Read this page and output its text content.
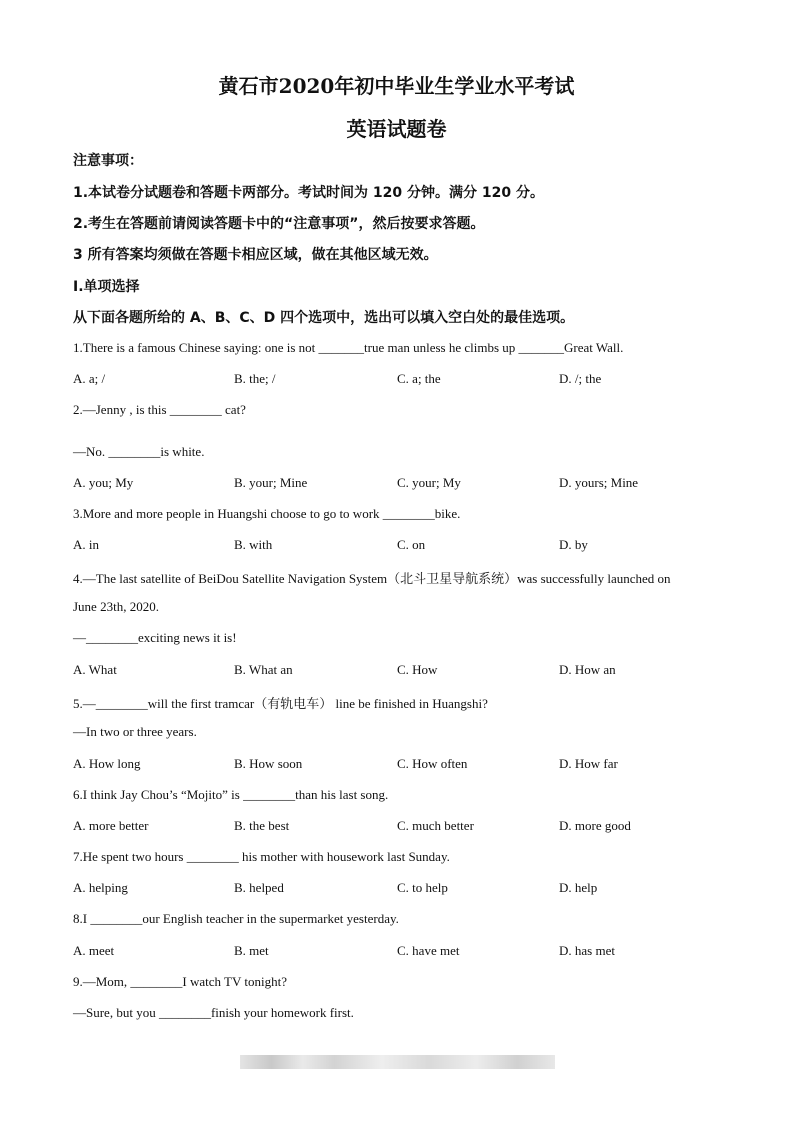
黄石市2020年初中毕业生学业水平考试
英语试题卷
注意事项：
1.本试卷分试题卷和答题卡两部分。考试时间为 120 分钟。满分 120 分。
2.考生在答题前请阅读答题卡中的“注意事项”，然后按要求答题。
3 所有答案均须做在答题卡相应区域，做在其他区域无效。
I.单项选择
从下面各题所给的 A、B、C、D 四个选项中，选出可以填入空白处的最佳选项。
1.There is a famous Chinese saying: one is not _______true man unless he climbs up _______Great Wall.
A. a; /	B. the; /	C. a; the	D. /; the
2.—Jenny , is this ________ cat?
—No. ________is white.
A. you; My	B. your; Mine	C. your; My	D. yours; Mine
3.More and more people in Huangshi choose to go to work ________bike.
A. in	B. with	C. on	D. by
4.—The last satellite of BeiDou Satellite Navigation System（北斗卫星导航系统）was successfully launched on
June 23th, 2020.
—________exciting news it is!
A. What	B. What an	C. How	D. How an
5.—________will the first tramcar（有轨电车） line be finished in Huangshi?
—In two or three years.
A. How long	B. How soon	C. How often	D. How far
6.I think Jay Chou’s “Mojito” is ________than his last song.
A. more better	B. the best	C. much better	D. more good
7.He spent two hours ________ his mother with housework last Sunday.
A. helping	B. helped	C. to help	D. help
8.I ________our English teacher in the supermarket yesterday.
A. meet	B. met	C. have met	D. has met
9.—Mom, ________I watch TV tonight?
—Sure, but you ________finish your homework first.
